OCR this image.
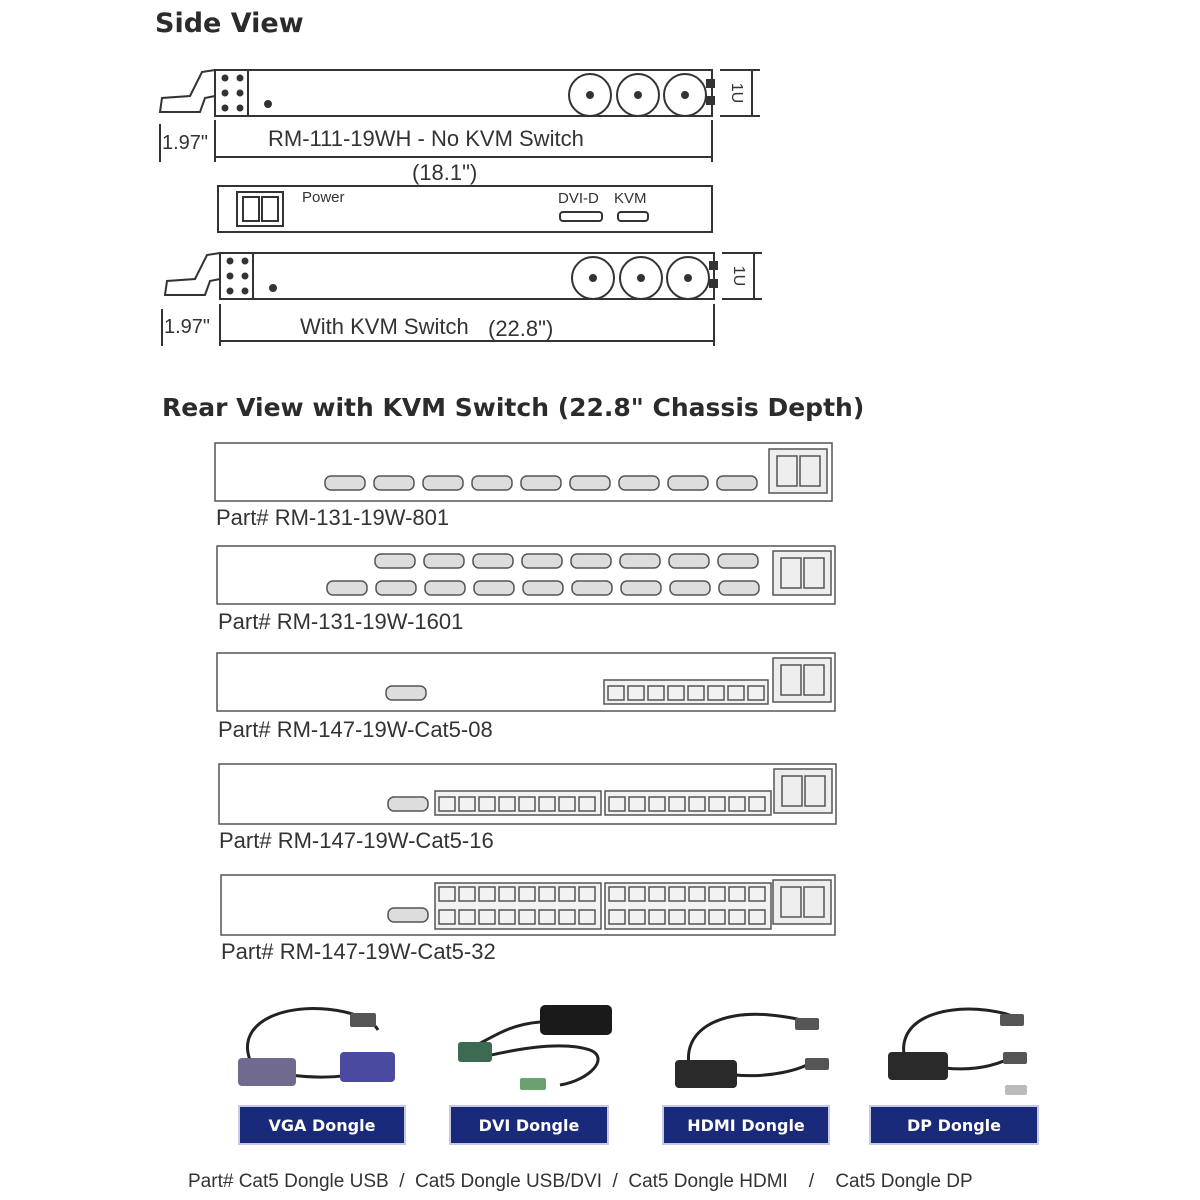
Side View
RM-111-19WH - No KVM Switch
(18.1")
1.97"
1U
Power	DVI-D KVM
With KVM Switch (22.8")
1.97"
1U
Rear View with KVM Switch (22.8" Chassis Depth)
Part# RM-131-19W-801
Part# RM-131-19W-1601
Part# RM-147-19W-Cat5-08
Part# RM-147-19W-Cat5-16
Part# RM-147-19W-Cat5-32
VGA Dongle	DVI Dongle	HDMI Dongle	DP Dongle
Part# Cat5 Dongle USB  /  Cat5 Dongle USB/DVI  /  Cat5 Dongle HDMI    /    Cat5 Dongle DP
